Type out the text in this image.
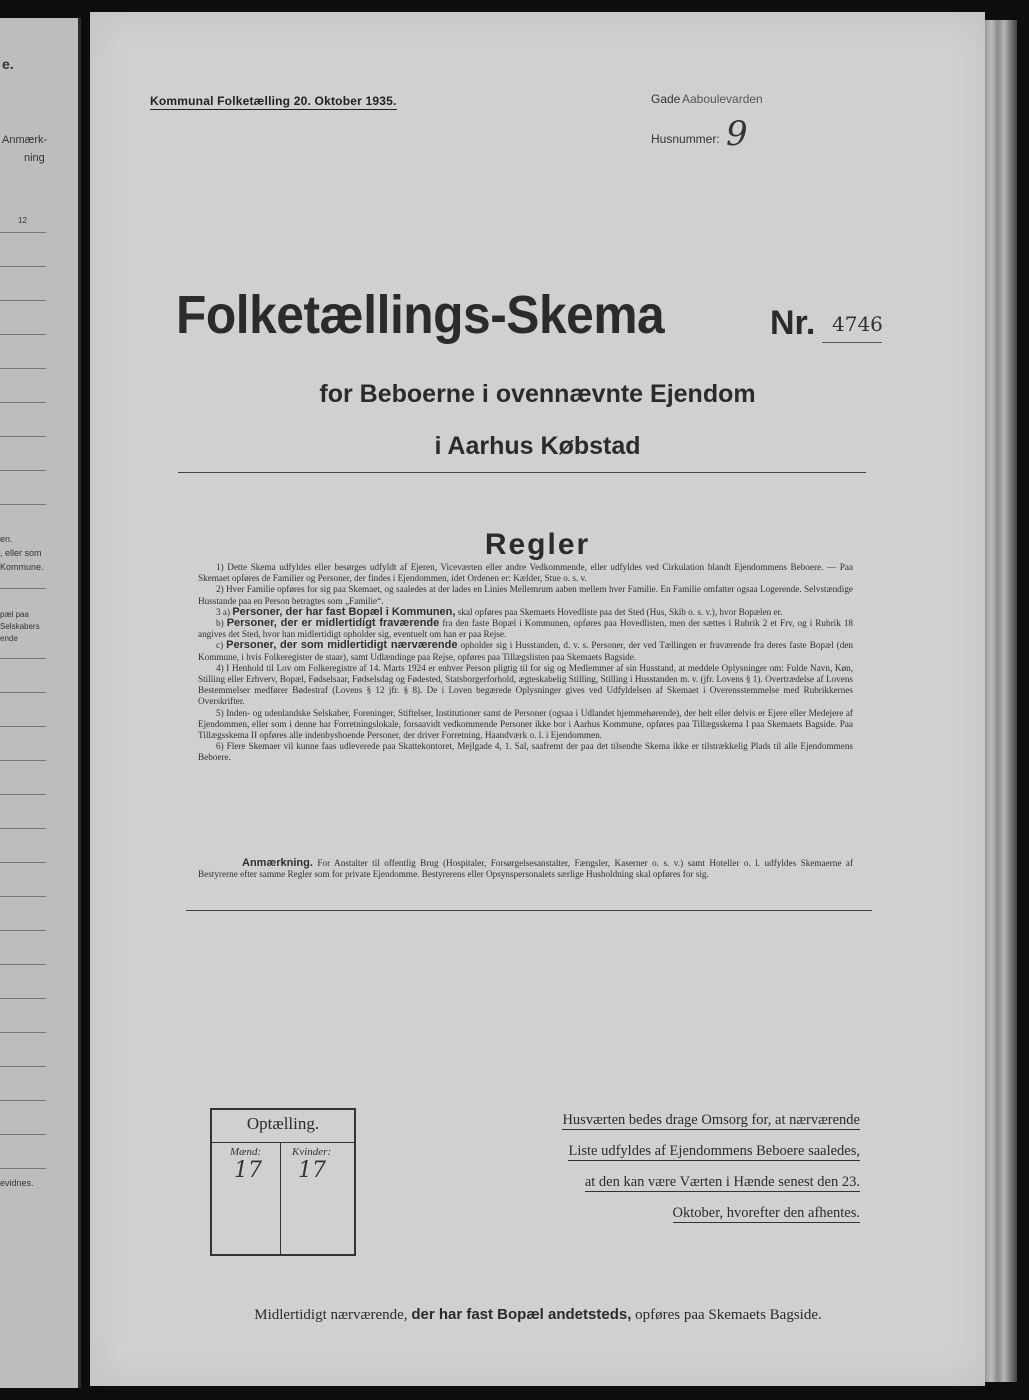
e.
Anmærk-
ning
12
en.
, eller som
Kommune.
pæl paa
Selskabers
ende
evidnes.
Kommunal Folketælling 20. Oktober 1935.	Gade Aaboulevarden
Husnummer: 9
Folketællings-Skema	Nr. 4746
for Beboerne i ovennævnte Ejendom
i Aarhus Købstad
Regler

1) Dette Skema udfyldes eller besørges udfyldt af Ejeren, Viceværten eller andre Vedkommende, eller udfyldes ved Cirkulation blandt Ejendommens Beboere. — Paa Skemaet opføres de Familier og Personer, der findes i Ejendommen, idet Ordenen er: Kælder, Stue o. s. v.

2) Hver Familie opføres for sig paa Skemaet, og saaledes at der lades en Linies Mellemrum aaben mellem hver Familie. En Familie omfatter ogsaa Logerende. Selvstændige Husstande paa en Person betragtes som „Familie“.

3 a) Personer, der har fast Bopæl i Kommunen, skal opføres paa Skemaets Hovedliste paa det Sted (Hus, Skib o. s. v.), hvor Bopælen er.

b) Personer, der er midlertidigt fraværende fra den faste Bopæl i Kommunen, opføres paa Hovedlisten, men der sættes i Rubrik 2 et Frv, og i Rubrik 18 angives det Sted, hvor han midlertidigt opholder sig, eventuelt om han er paa Rejse.

c) Personer, der som midlertidigt nærværende opholder sig i Husstanden, d. v. s. Personer, der ved Tællingen er fraværende fra deres faste Bopæl (den Kommune, i hvis Folkeregister de staar), samt Udlændinge paa Rejse, opføres paa Tillægslisten paa Skemaets Bagside.

4) I Henhold til Lov om Folkeregistre af 14. Marts 1924 er enhver Person pligtig til for sig og Medlemmer af sin Husstand, at meddele Oplysninger om: Fulde Navn, Køn, Stilling eller Erhverv, Bopæl, Fødselsaar, Fødselsdag og Fødested, Statsborgerforhold, ægteskabelig Stilling, Stilling i Husstanden m. v. (jfr. Lovens § 1). Overtrædelse af Lovens Bestemmelser medfører Bødestraf (Lovens § 12 jfr. § 8). De i Loven begærede Oplysninger gives ved Udfyldelsen af Skemaet i Overensstemmelse med Rubrikkernes Overskrifter.

5) Inden- og udenlandske Selskaber, Foreninger, Stiftelser, Institutioner samt de Personer (ogsaa i Udlandet hjemmehørende), der helt eller delvis er Ejere eller Medejere af Ejendommen, eller som i denne har Forretningslokale, forsaavidt vedkommende Personer ikke bor i Aarhus Kommune, opføres paa Tillægsskema I paa Skemaets Bagside. Paa Tillægsskema II opføres alle indenbysboende Personer, der driver Forretning, Haandværk o. l. i Ejendommen.

6) Flere Skemaer vil kunne faas udleverede paa Skattekontoret, Mejlgade 4, 1. Sal, saafremt der paa det tilsendte Skema ikke er tilstrækkelig Plads til alle Ejendommens Beboere.

Anmærkning. For Anstalter til offentlig Brug (Hospitaler, Forsørgelsesanstalter, Fængsler, Kaserner o. s. v.) samt Hoteller o. l. udfyldes Skemaerne af Bestyrerne efter samme Regler som for private Ejendomme. Bestyrerens eller Opsynspersonalets særlige Husholdning skal opføres for sig.
Optælling.
Mænd:	Kvinder:
17 17
Husværten bedes drage Omsorg for, at nærværende
Liste udfyldes af Ejendommens Beboere saaledes,
at den kan være Værten i Hænde senest den 23.
Oktober, hvorefter den afhentes.
Midlertidigt nærværende, der har fast Bopæl andetsteds, opføres paa Skemaets Bagside.
